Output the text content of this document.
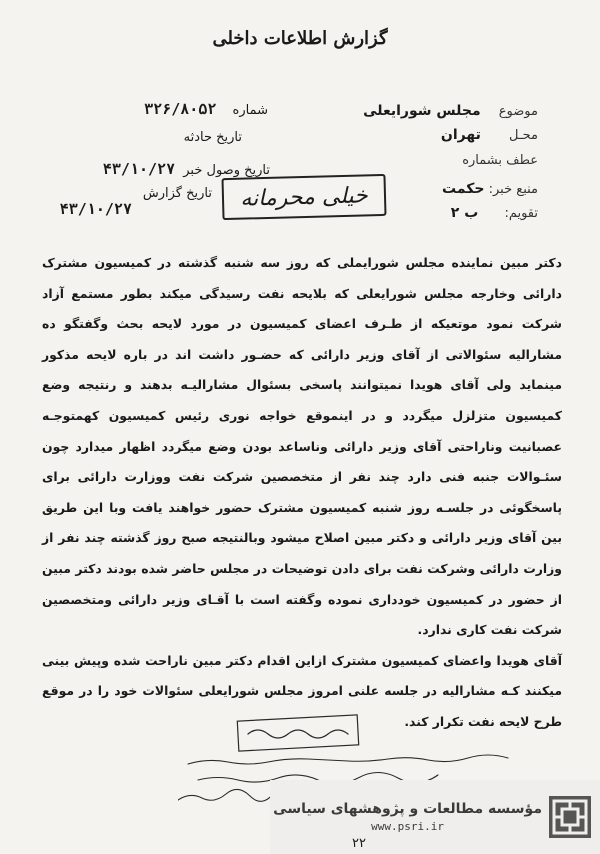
گزارش اطلاعات داخلی
موضوع مجلس شورایعلی
محـل تهران
عطف بشماره
منبع خبر: حکمت
تقویم: ب ۲
شماره ۳۲۶/۸۰۵۲
تاریخ حادثه
تاریخ وصول خبر ۴۳/۱۰/۲۷
تاریخ گزارش
۴۳/۱۰/۲۷	خیلی محرمانه

دکتر مبین نماینده مجلس شورایملی که روز سه شنبه گذشته در کمیسیون مشترک دارائی وخارجه مجلس شورایعلی که بلایحه نفت رسیدگی میکند بطور مستمع آزاد شرکت نمود موتعیکه از طـرف اعضای کمیسیون در مورد لایحه بحث وگفتگو ده مشارالیه سئوالاتی از آقای وزیر دارائی که حضـور داشت اند در باره لایحه مذکور مینماید ولی آقای هویدا نمیتوانند پاسخی بسئوال مشارالیـه بدهند و رنتیجه وضع کمیسیون متزلزل میگردد و در اینموقع خواجه نوری رئیس کمیسیون کهمتوجـه عصبانیت وناراحتی آقای وزیر دارائی وناساعد بودن وضع میگردد اظهار میدارد چون سئـوالات جنبه فنی دارد چند نفر از متخصصین شرکت نفت ووزارت دارائی برای پاسخگوئی در جلسـه روز شنبه کمیسیون مشترک حضور خواهند یافت وبا این طریق بین آقای وزیر دارائی و دکتر مبین اصلاح میشود وبالنتیجه صبح روز گذشته چند نفر از وزارت دارائی وشرکت نفت برای دادن توضیحات در مجلس حاضر شده بودند دکتر مبین از حضور در کمیسیون خودداری نموده وگفته است با آقـای وزیر دارائی ومتخصصین شرکت نفت کاری ندارد.

آقای هویدا واعضای کمیسیون مشترک ازاین اقدام دکتر مبین ناراحت شده وپیش بینی میکنند کـه مشارالیه در جلسه علنی امروز مجلس شورایعلی سئوالات خود را در موقع طرح لایحه نفت تکرار کند.

مؤسسه مطالعات و پژوهشهای سیاسی
www.psri.ir
۲۲
